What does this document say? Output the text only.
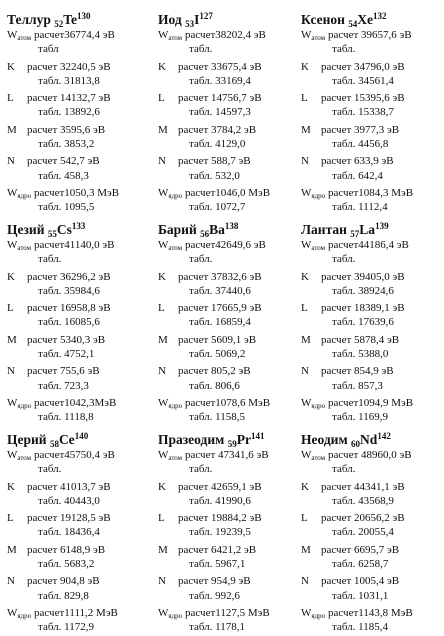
Теллур $_{52}Te^{130}$
$W_{атом}$ расчет36774,4 эВ
табл
K расчет 32240,5 эВ
табл. 31813,8
L расчет 14132,7 эВ
табл. 13892,6
M расчет 3595,6 эВ
табл. 3853,2
N расчет 542,7 эВ
табл. 458,3
$W_{ядро}$ расчет1050,3 МэВ
табл. 1095,5
Иод $_{53}I^{127}$
$W_{атом}$ расчет38202,4 эВ
табл.
K расчет 33675,4 эВ
табл. 33169,4
L расчет 14756,7 эВ
табл. 14597,3
M расчет 3784,2 эВ
табл. 4129,0
N расчет 588,7 эВ
табл. 532,0
$W_{ядро}$ расчет1046,0 МэВ
табл. 1072,7
Ксенон $_{54}Xe^{132}$
$W_{атом}$ расчет 39657,6 эВ
табл.
K расчет 34796,0 эВ
табл. 34561,4
L расчет 15395,6 эВ
табл. 15338,7
M расчет 3977,3 эВ
табл. 4456,8
N расчет 633,9 эВ
табл. 642,4
$W_{ядро}$ расчет1084,3 МэВ
табл. 1112,4
Цезий $_{55}Cs^{133}$
$W_{атом}$ расчет41140,0 эВ
табл.
K расчет 36296,2 эВ
табл. 35984,6
L расчет 16958,8 эВ
табл. 16085,6
M расчет 5340,3 эВ
табл. 4752,1
N расчет 755,6 эВ
табл. 723,3
$W_{ядро}$ расчет1042,3МэВ
табл. 1118,8
Барий $_{56}Ba^{138}$
$W_{атом}$ расчет42649,6 эВ
табл.
K расчет 37832,6 эВ
табл. 37440,6
L расчет 17665,9 эВ
табл. 16859,4
M расчет 5609,1 эВ
табл. 5069,2
N расчет 805,2 эВ
табл. 806,6
$W_{ядро}$ расчет1078,6 МэВ
табл. 1158,5
Лантан $_{57}La^{139}$
$W_{атом}$ расчет44186,4 эВ
табл.
K расчет 39405,0 эВ
табл. 38924,6
L расчет 18389,1 эВ
табл. 17639,6
M расчет 5878,4 эВ
табл. 5388,0
N расчет 854,9 эВ
табл. 857,3
$W_{ядро}$ расчет1094,9 МэВ
табл. 1169,9
Церий $_{58}Ce^{140}$
$W_{атом}$ расчет45750,4 эВ
табл.
K расчет 41013,7 эВ
табл. 40443,0
L расчет 19128,5 эВ
табл. 18436,4
M расчет 6148,9 эВ
табл. 5683,2
N расчет 904,8 эВ
табл. 829,8
$W_{ядро}$ расчет1111,2 МэВ
табл. 1172,9
Празеодим $_{59}Pr^{141}$
$W_{атом}$ расчет 47341,6 эВ
табл.
K расчет 42659,1 эВ
табл. 41990,6
L расчет 19884,2 эВ
табл. 19239,5
M расчет 6421,2 эВ
табл. 5967,1
N расчет 954,9 эВ
табл. 992,6
$W_{ядро}$ расчет1127,5 МэВ
табл. 1178,1
Неодим $_{60}Nd^{142}$
$W_{атом}$ расчет 48960,0 эВ
табл.
K расчет 44341,1 эВ
табл. 43568,9
L расчет 20656,2 эВ
табл. 20055,4
M расчет 6695,7 эВ
табл. 6258,7
N расчет 1005,4 эВ
табл. 1031,1
$W_{ядро}$ расчет1143,8 МэВ
табл. 1185,4
